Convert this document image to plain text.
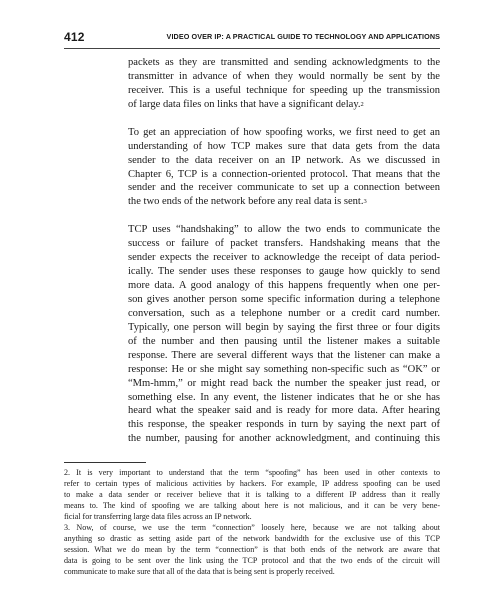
412	VIDEO OVER IP: A PRACTICAL GUIDE TO TECHNOLOGY AND APPLICATIONS
packets as they are transmitted and sending acknowledgments to the
transmitter in advance of when they would normally be sent by the
receiver. This is a useful technique for speeding up the transmission
of large data files on links that have a significant delay.$^2$
To get an appreciation of how spoofing works, we first need to get an
understanding of how TCP makes sure that data gets from the data
sender to the data receiver on an IP network. As we discussed in
Chapter 6, TCP is a connection-oriented protocol. That means that the
sender and the receiver communicate to set up a connection between
the two ends of the network before any real data is sent.$^3$
TCP uses “handshaking” to allow the two ends to communicate the
success or failure of packet transfers. Handshaking means that the
sender expects the receiver to acknowledge the receipt of data period-
ically. The sender uses these responses to gauge how quickly to send
more data. A good analogy of this happens frequently when one per-
son gives another person some specific information during a telephone
conversation, such as a telephone number or a credit card number.
Typically, one person will begin by saying the first three or four digits
of the number and then pausing until the listener makes a suitable
response. There are several different ways that the listener can make a
response: He or she might say something non-specific such as “OK” or
“Mm-hmm,” or might read back the number the speaker just read, or
something else. In any event, the listener indicates that he or she has
heard what the speaker said and is ready for more data. After hearing
this response, the speaker responds in turn by saying the next part of
the number, pausing for another acknowledgment, and continuing this
2. It is very important to understand that the term “spoofing” has been used in other contexts to
refer to certain types of malicious activities by hackers. For example, IP address spoofing can be used
to make a data sender or receiver believe that it is talking to a different IP address than it really
means to. The kind of spoofing we are talking about here is not malicious, and it can be very bene-
ficial for transferring large data files across an IP network.
3. Now, of course, we use the term “connection” loosely here, because we are not talking about
anything so drastic as setting aside part of the network bandwidth for the exclusive use of this TCP
session. What we do mean by the term “connection” is that both ends of the network are aware that
data is going to be sent over the link using the TCP protocol and that the two ends of the circuit will
communicate to make sure that all of the data that is being sent is properly received.
